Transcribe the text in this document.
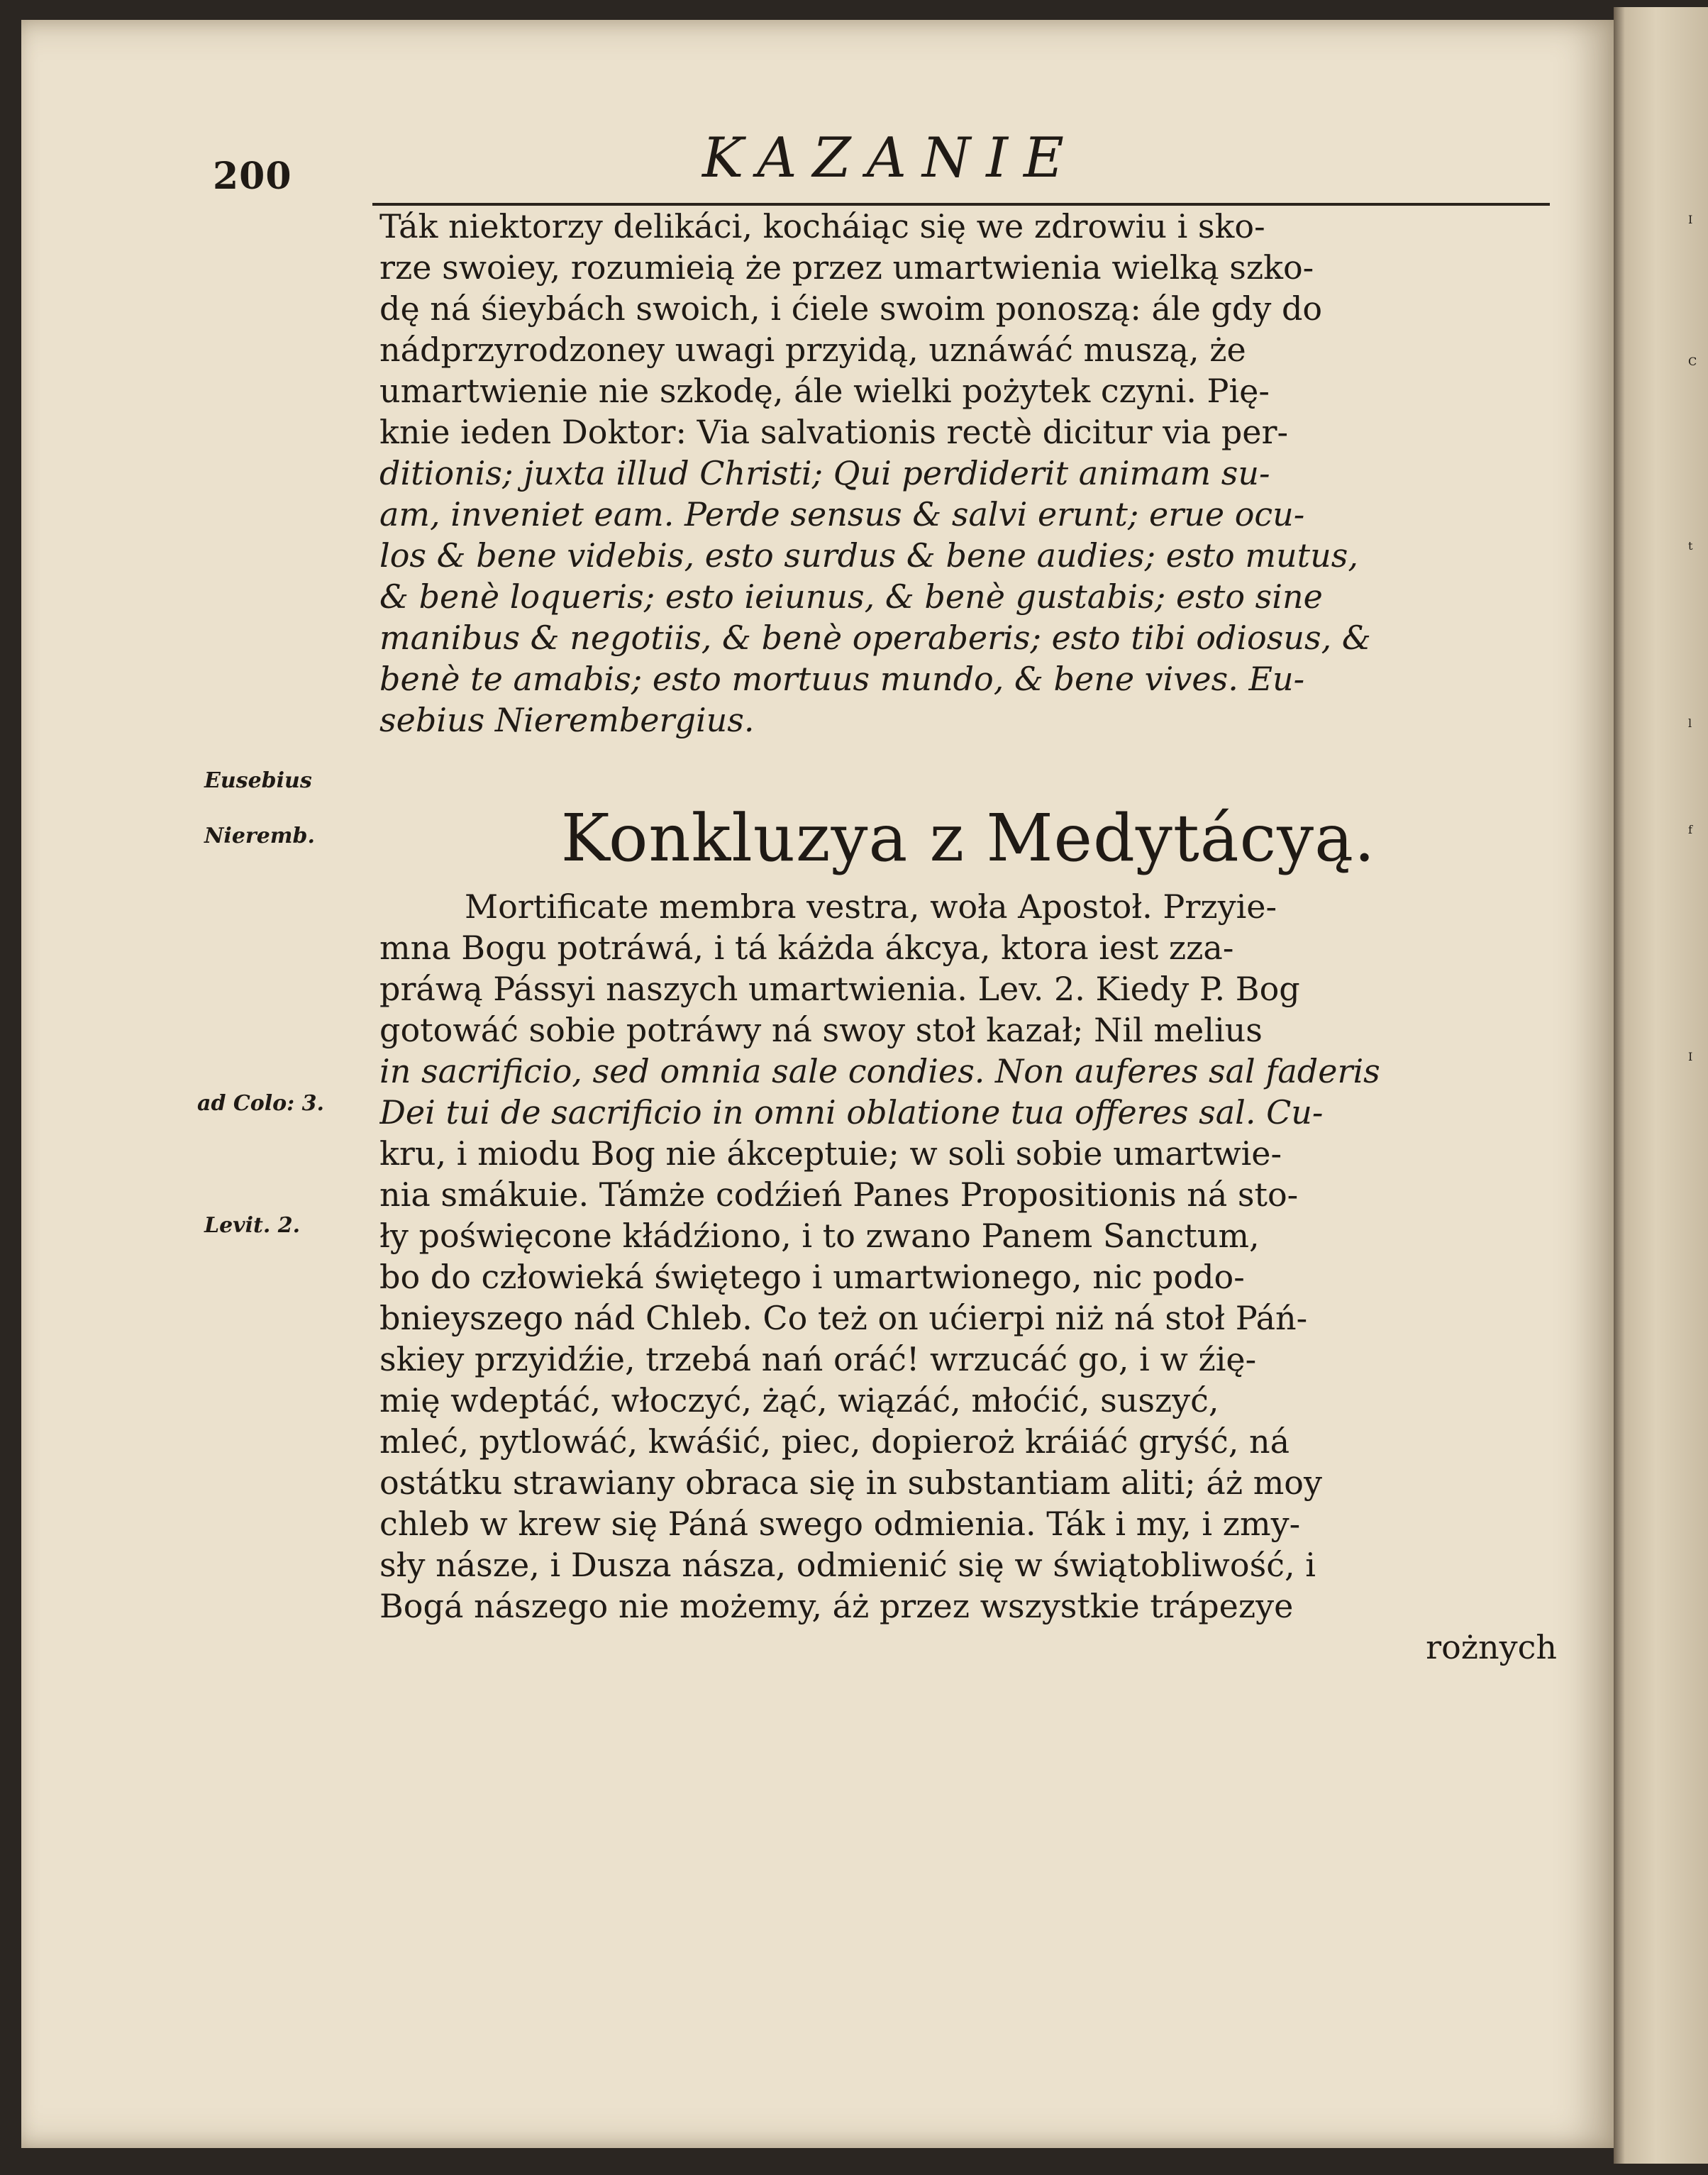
200	KAZANIE
Eusebius
Nieremb.
ad Colo: 3.
Levit. 2.
Ták niektorzy delikáci, kocháiąc się we zdrowiu i sko-
rze swoiey, rozumieią że przez umartwienia wielką szko-
dę ná śieybách swoich, i ćiele swoim ponoszą: ále gdy do
nádprzyrodzoney uwagi przyidą, uznáwáć muszą, że
umartwienie nie szkodę, ále wielki pożytek czyni. Pię-
knie ieden Doktor: Via salvationis rectè dicitur via per-
ditionis; juxta illud Christi; Qui perdiderit animam su-
am, inveniet eam. Perde sensus & salvi erunt; erue ocu-
los & bene videbis, esto surdus & bene audies; esto mutus,
& benè loqueris; esto ieiunus, & benè gustabis; esto sine
manibus & negotiis, & benè operaberis; esto tibi odiosus, &
benè te amabis; esto mortuus mundo, & bene vives. Eu-
sebius Nierembergius.
Konkluzya z Medytácyą.
Mortificate membra vestra, woła Apostoł. Przyie-
mna Bogu potráwá, i tá káżda ákcya, ktora iest zza-
práwą Pássyi naszych umartwienia. Lev. 2. Kiedy P. Bog
gotowáć sobie potráwy ná swoy stoł kazał; Nil melius
in sacrificio, sed omnia sale condies. Non auferes sal faderis
Dei tui de sacrificio in omni oblatione tua offeres sal. Cu-
kru, i miodu Bog nie ákceptuie; w soli sobie umartwie-
nia smákuie. Támże codźień Panes Propositionis ná sto-
ły poświęcone kłádźiono, i to zwano Panem Sanctum,
bo do człowieká świętego i umartwionego, nic podo-
bnieyszego nád Chleb. Co też on ućierpi niż ná stoł Páń-
skiey przyidźie, trzebá nań oráć! wrzucáć go, i w źię-
mię wdeptáć, włoczyć, żąć, wiązáć, młoćić, suszyć,
mleć, pytlowáć, kwáśić, piec, dopieroż kráiáć gryść, ná
ostátku strawiany obraca się in substantiam aliti; áż moy
chleb w krew się Páná swego odmienia. Ták i my, i zmy-
sły násze, i Dusza násza, odmienić się w świątobliwość, i
Bogá nászego nie możemy, áż przez wszystkie trápezye
rożnych
I
C
t
l
I
f
